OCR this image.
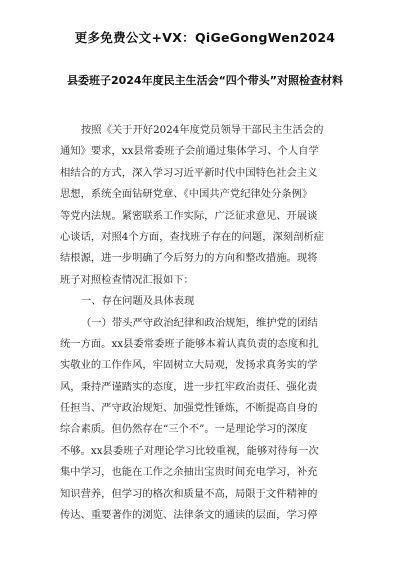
更多免费公文+VX：QiGeGongWen2024
县委班子2024年度民主生活会“四个带头”对照检查材料
按照《关于开好2024年度党员领导干部民主生活会的
通知》要求，xx县常委班子会前通过集体学习、个人自学
相结合的方式，深入学习习近平新时代中国特色社会主义
思想，系统全面钻研党章、《中国共产党纪律处分条例》
等党内法规。紧密联系工作实际，广泛征求意见、开展谈
心谈话，对照4个方面，查找班子存在的问题，深刻剖析症
结根源，进一步明确了今后努力的方向和整改措施。现将
班子对照检查情况汇报如下：
一、存在问题及具体表现
（一）带头严守政治纪律和政治规矩，维护党的团结
统一方面。xx县委常委班子能够本着认真负责的态度和扎
实敬业的工作作风，牢固树立大局观，发扬求真务实的学
风，秉持严谨踏实的态度，进一步扛牢政治责任、强化责
任担当、严守政治规矩、加强党性锤炼，不断提高自身的
综合素质。但仍然存在“三个不”。一是理论学习的深度
不够。xx县委班子对理论学习比较重视，能够对待每一次
集中学习，也能在工作之余抽出宝贵时间充电学习，补充
知识营养，但学习的格次和质量不高，局限于文件精神的
传达、重要著作的浏览、法律条文的通读的层面，学习停
